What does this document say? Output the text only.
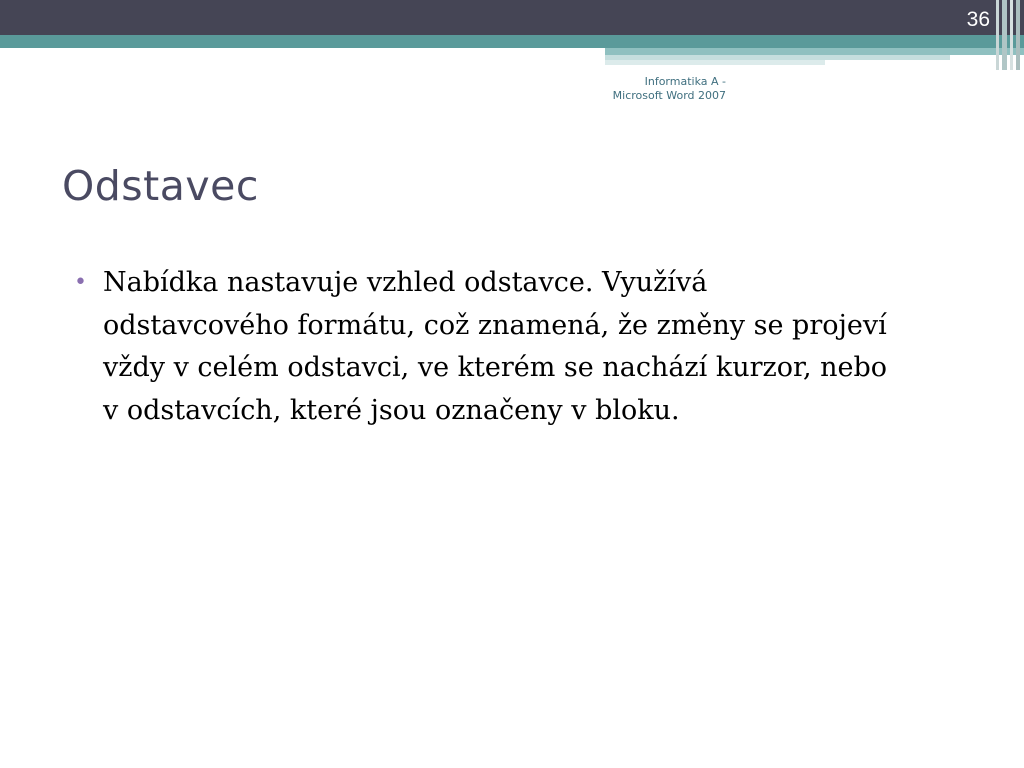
36
Informatika A -
Microsoft Word 2007
Odstavec
• Nabídka nastavuje vzhled odstavce. Využívá
odstavcového formátu, což znamená, že změny se projeví
vždy v celém odstavci, ve kterém se nachází kurzor, nebo
v odstavcích, které jsou označeny v bloku.
